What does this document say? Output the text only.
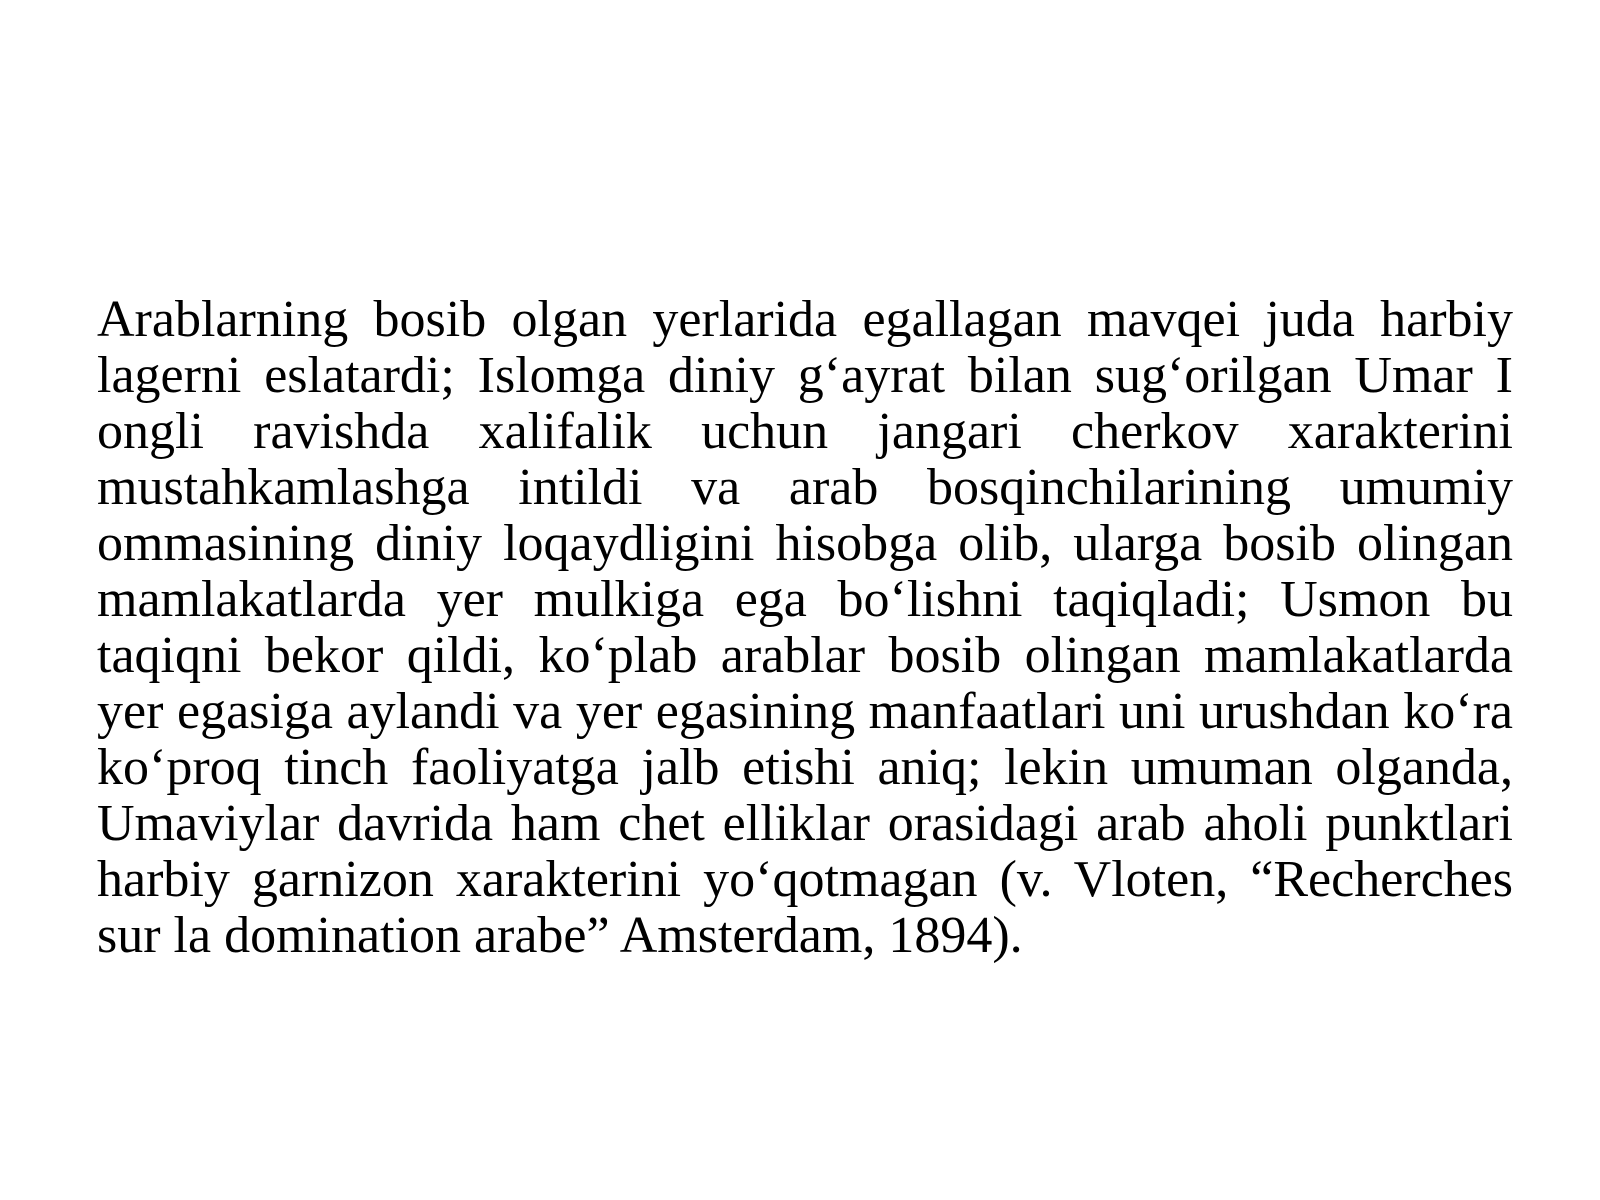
Arablarning bosib olgan yerlarida egallagan mavqei juda harbiy lagerni eslatardi; Islomga diniy g‘ayrat bilan sug‘orilgan Umar I ongli ravishda xalifalik uchun jangari cherkov xarakterini mustahkamlashga intildi va arab bosqinchilarining umumiy ommasining diniy loqaydligini hisobga olib, ularga bosib olingan mamlakatlarda yer mulkiga ega bo‘lishni taqiqladi; Usmon bu taqiqni bekor qildi, ko‘plab arablar bosib olingan mamlakatlarda yer egasiga aylandi va yer egasining manfaatlari uni urushdan ko‘ra ko‘proq tinch faoliyatga jalb etishi aniq; lekin umuman olganda, Umaviylar davrida ham chet elliklar orasidagi arab aholi punktlari harbiy garnizon xarakterini yo‘qotmagan (v. Vloten, “Recherches sur la domination arabe” Amsterdam, 1894).
